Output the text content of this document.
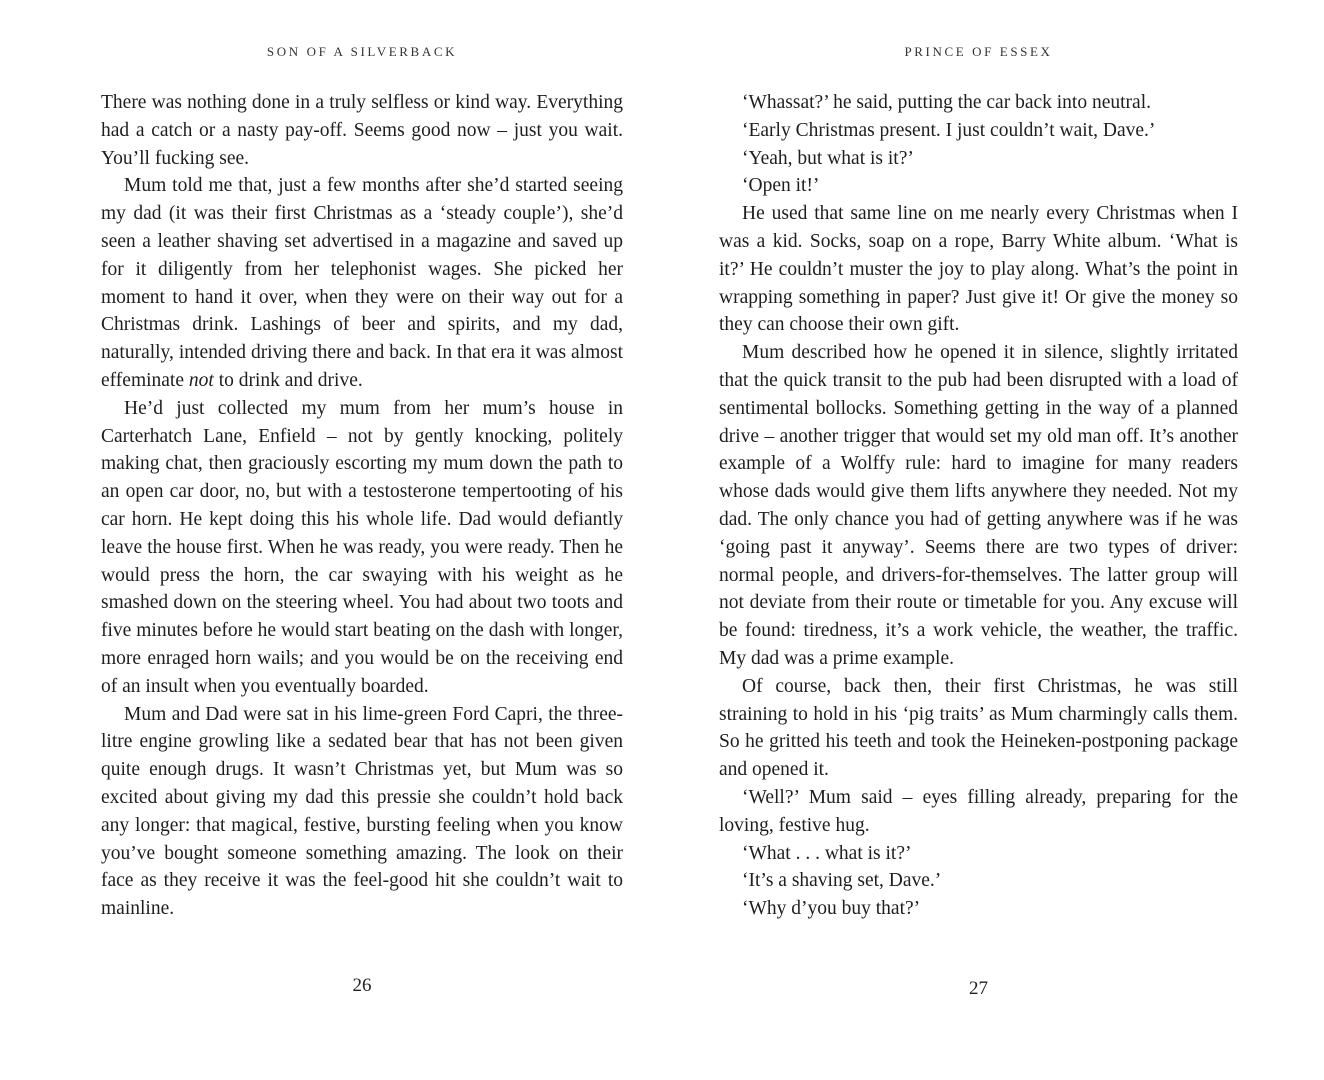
SON OF A SILVERBACK

There was nothing done in a truly selfless or kind way. Everything had a catch or a nasty pay-off. Seems good now – just you wait. You’ll fucking see.

Mum told me that, just a few months after she’d started seeing my dad (it was their first Christmas as a ‘steady couple’), she’d seen a leather shaving set advertised in a magazine and saved up for it diligently from her telephonist wages. She picked her moment to hand it over, when they were on their way out for a Christmas drink. Lashings of beer and spirits, and my dad, naturally, intended driving there and back. In that era it was almost effeminate not to drink and drive.

He’d just collected my mum from her mum’s house in Carterhatch Lane, Enfield – not by gently knocking, politely making chat, then graciously escorting my mum down the path to an open car door, no, but with a testosterone tempertooting of his car horn. He kept doing this his whole life. Dad would defiantly leave the house first. When he was ready, you were ready. Then he would press the horn, the car swaying with his weight as he smashed down on the steering wheel. You had about two toots and five minutes before he would start beating on the dash with longer, more enraged horn wails; and you would be on the receiving end of an insult when you eventually boarded.

Mum and Dad were sat in his lime-green Ford Capri, the three-litre engine growling like a sedated bear that has not been given quite enough drugs. It wasn’t Christmas yet, but Mum was so excited about giving my dad this pressie she couldn’t hold back any longer: that magical, festive, bursting feeling when you know you’ve bought someone something amazing. The look on their face as they receive it was the feel-good hit she couldn’t wait to mainline.

26
PRINCE OF ESSEX

‘Whassat?’ he said, putting the car back into neutral.

‘Early Christmas present. I just couldn’t wait, Dave.’

‘Yeah, but what is it?’

‘Open it!’

He used that same line on me nearly every Christmas when I was a kid. Socks, soap on a rope, Barry White album. ‘What is it?’ He couldn’t muster the joy to play along. What’s the point in wrapping something in paper? Just give it! Or give the money so they can choose their own gift.

Mum described how he opened it in silence, slightly irritated that the quick transit to the pub had been disrupted with a load of sentimental bollocks. Something getting in the way of a planned drive – another trigger that would set my old man off. It’s another example of a Wolffy rule: hard to imagine for many readers whose dads would give them lifts anywhere they needed. Not my dad. The only chance you had of getting anywhere was if he was ‘going past it anyway’. Seems there are two types of driver: normal people, and drivers-for-themselves. The latter group will not deviate from their route or timetable for you. Any excuse will be found: tiredness, it’s a work vehicle, the weather, the traffic. My dad was a prime example.

Of course, back then, their first Christmas, he was still straining to hold in his ‘pig traits’ as Mum charmingly calls them. So he gritted his teeth and took the Heineken-postponing package and opened it.

‘Well?’ Mum said – eyes filling already, preparing for the loving, festive hug.

‘What . . . what is it?’

‘It’s a shaving set, Dave.’

‘Why d’you buy that?’

27
